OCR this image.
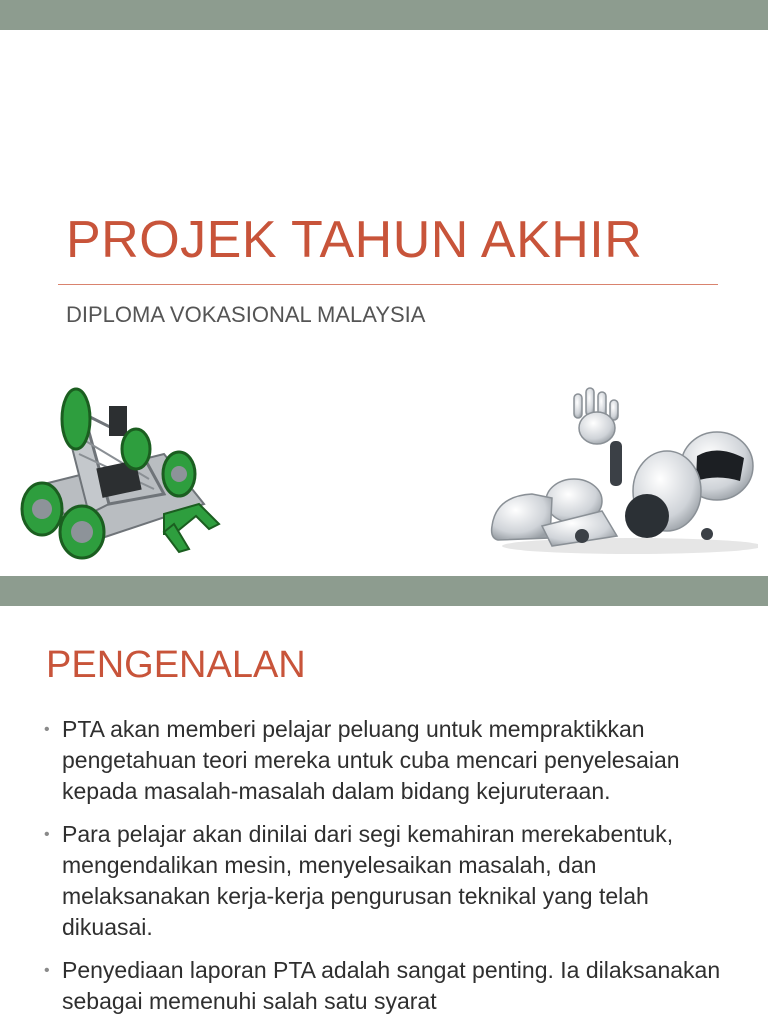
PROJEK TAHUN AKHIR
DIPLOMA VOKASIONAL MALAYSIA
PENGENALAN
• PTA akan memberi pelajar peluang untuk mempraktikkan pengetahuan teori mereka untuk cuba mencari penyelesaian kepada masalah-masalah dalam bidang kejuruteraan.
• Para pelajar akan dinilai dari segi kemahiran merekabentuk, mengendalikan mesin, menyelesaikan masalah, dan melaksanakan kerja-kerja pengurusan teknikal yang telah dikuasai.
• Penyediaan laporan PTA adalah sangat penting. Ia dilaksanakan sebagai memenuhi salah satu syarat
